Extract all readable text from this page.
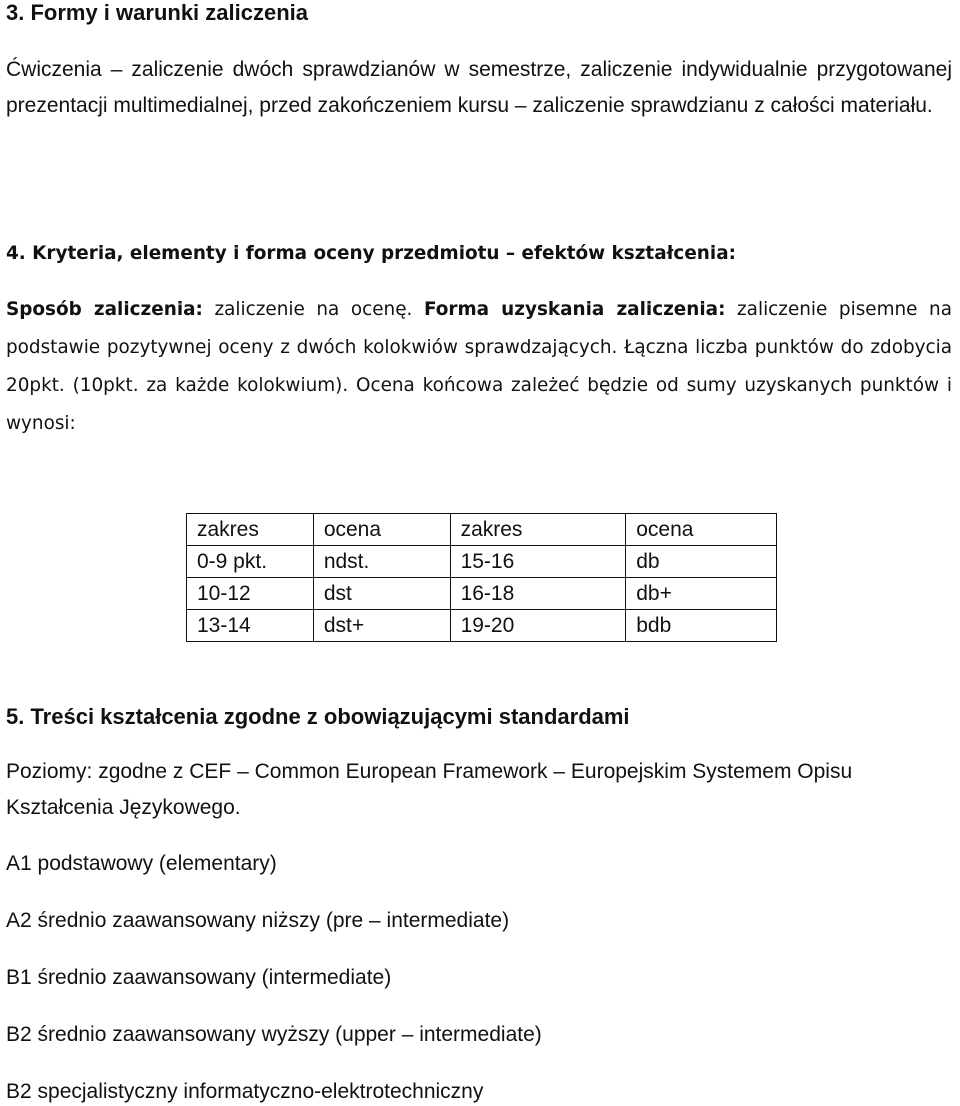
3. Formy i warunki zaliczenia
Ćwiczenia – zaliczenie dwóch sprawdzianów w semestrze, zaliczenie indywidualnie przygotowanej prezentacji multimedialnej, przed zakończeniem kursu – zaliczenie sprawdzianu z całości materiału.
4. Kryteria, elementy i forma oceny przedmiotu – efektów kształcenia:
Sposób zaliczenia: zaliczenie na ocenę. Forma uzyskania zaliczenia: zaliczenie pisemne na podstawie pozytywnej oceny z dwóch kolokwiów sprawdzających. Łączna liczba punktów do zdobycia 20pkt. (10pkt. za każde kolokwium). Ocena końcowa zależeć będzie od sumy uzyskanych punktów i wynosi:
zakres	ocena	zakres	ocena
0-9 pkt.	ndst.	15-16	db
10-12	dst	16-18	db+
13-14	dst+	19-20	bdb
5. Treści kształcenia zgodne z obowiązującymi standardami
Poziomy: zgodne z CEF – Common European Framework – Europejskim Systemem Opisu Kształcenia Językowego.
A1 podstawowy (elementary)
A2 średnio zaawansowany niższy (pre – intermediate)
B1 średnio zaawansowany (intermediate)
B2 średnio zaawansowany wyższy (upper – intermediate)
B2 specjalistyczny informatyczno-elektrotechniczny
